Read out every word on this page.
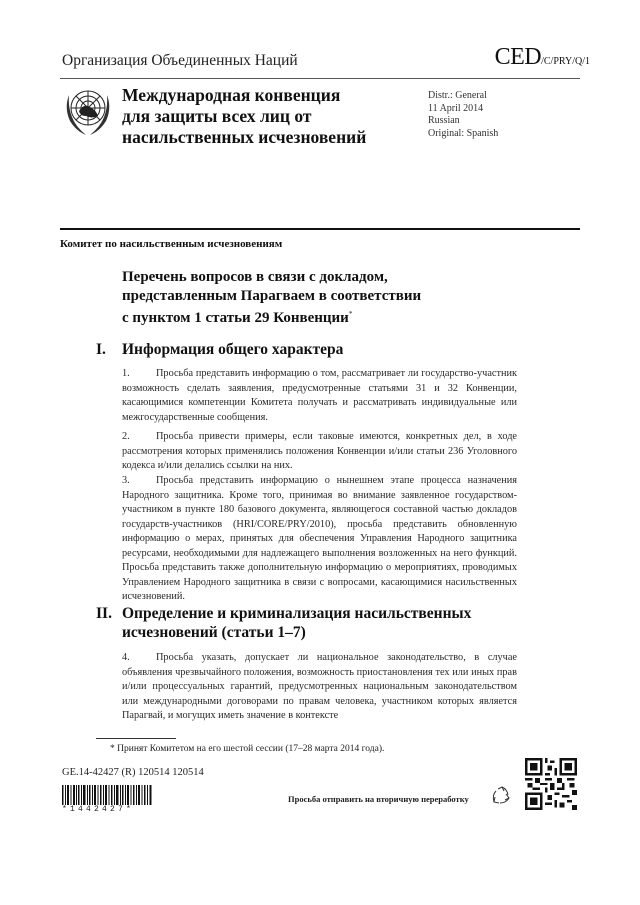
Организация Объединенных Наций	CED/C/PRY/Q/1
Международная конвенция
для защиты всех лиц от
насильственных исчезновений
Distr.: General
11 April 2014
Russian
Original: Spanish
Комитет по насильственным исчезновениям
Перечень вопросов в связи с докладом,
представленным Парагваем в соответствии
с пунктом 1 статьи 29 Конвенции*
I. Информация общего характера
1.	Просьба представить информацию о том, рассматривает ли государство-участник возможность сделать заявления, предусмотренные статьями 31 и 32 Конвенции, касающимися компетенции Комитета получать и рассматривать индивидуальные или межгосударственные сообщения.
2.	Просьба привести примеры, если таковые имеются, конкретных дел, в ходе рассмотрения которых применялись положения Конвенции и/или статьи 236 Уголовного кодекса и/или делались ссылки на них.
3.	Просьба представить информацию о нынешнем этапе процесса назначения Народного защитника. Кроме того, принимая во внимание заявленное государством-участником в пункте 180 базового документа, являющегося составной частью докладов государств-участников (HRI/CORE/PRY/2010), просьба представить обновленную информацию о мерах, принятых для обеспечения Управления Народного защитника ресурсами, необходимыми для надлежащего выполнения возложенных на него функций. Просьба представить также дополнительную информацию о мероприятиях, проводимых Управлением Народного защитника в связи с вопросами, касающимися насильственных исчезновений.
II. Определение и криминализация насильственных
исчезновений (статьи 1–7)
4.	Просьба указать, допускает ли национальное законодательство, в случае объявления чрезвычайного положения, возможность приостановления тех или иных прав и/или процессуальных гарантий, предусмотренных национальным законодательством или международными договорами по правам человека, участником которых является Парагвай, и могущих иметь значение в контексте
* Принят Комитетом на его шестой сессии (17–28 марта 2014 года).
GE.14-42427 (R) 120514 120514
*1442427*
Просьба отправить на вторичную переработку
